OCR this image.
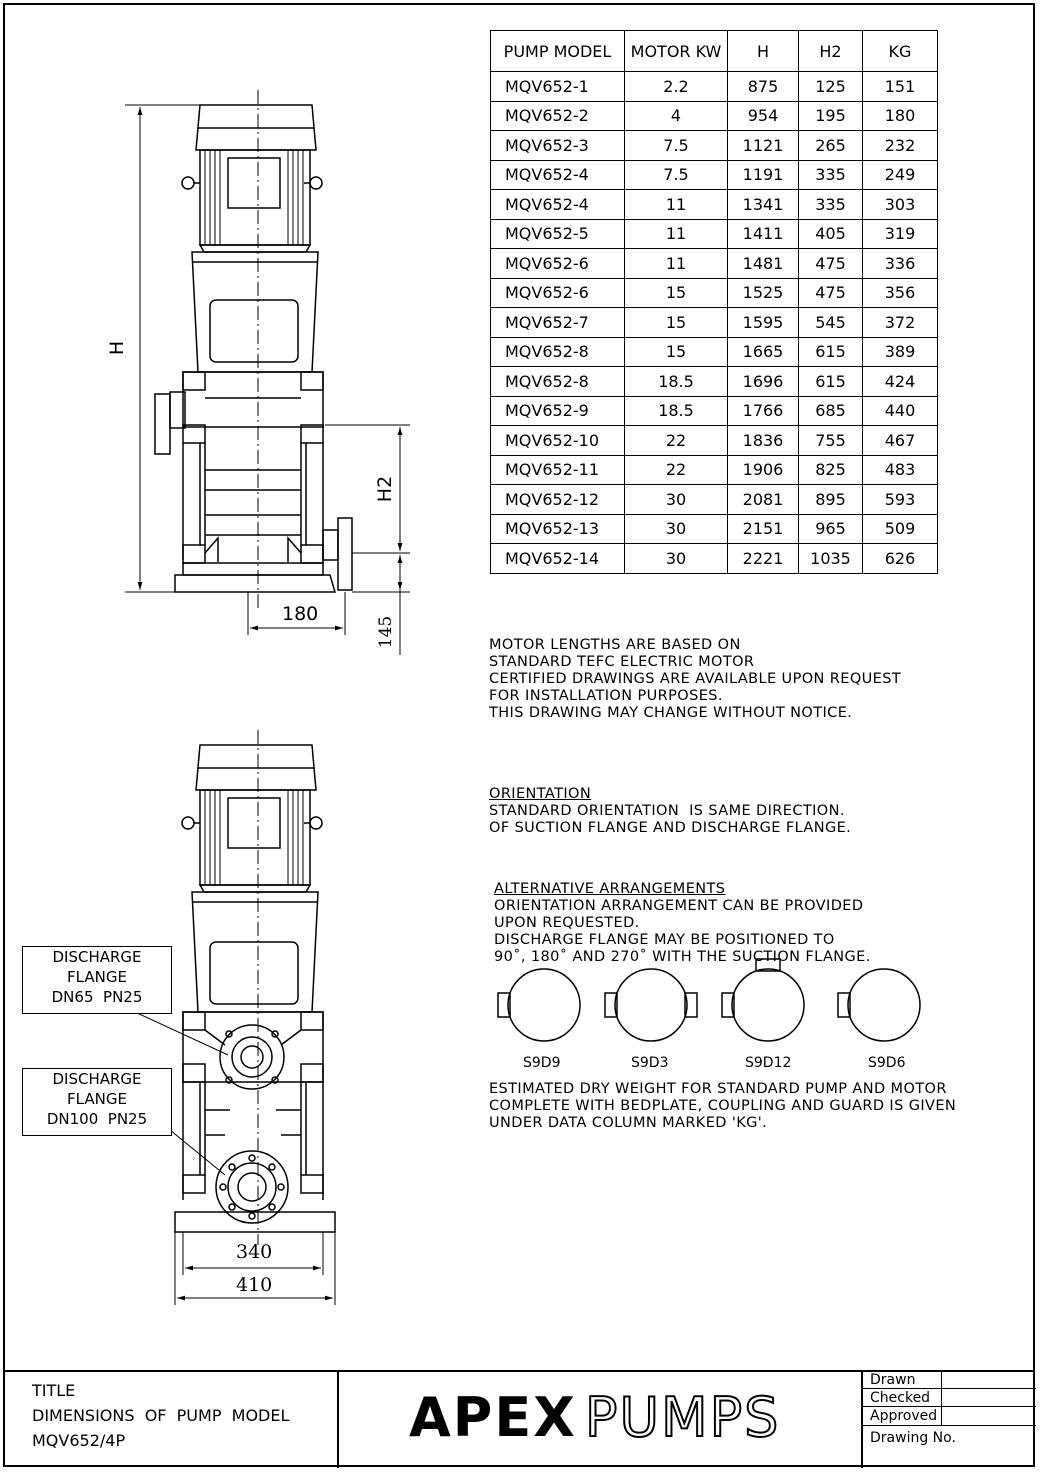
H
H2
180
145
340
410
DISCHARGE
FLANGE
DN65  PN25
DISCHARGE
FLANGE
DN100  PN25
PUMP MODEL	MOTOR KW	H	H2	KG
MQV652-1	2.2	875	125	151
MQV652-2	4	954	195	180
MQV652-3	7.5	1121	265	232
MQV652-4	7.5	1191	335	249
MQV652-4	11	1341	335	303
MQV652-5	11	1411	405	319
MQV652-6	11	1481	475	336
MQV652-6	15	1525	475	356
MQV652-7	15	1595	545	372
MQV652-8	15	1665	615	389
MQV652-8	18.5	1696	615	424
MQV652-9	18.5	1766	685	440
MQV652-10	22	1836	755	467
MQV652-11	22	1906	825	483
MQV652-12	30	2081	895	593
MQV652-13	30	2151	965	509
MQV652-14	30	2221	1035	626
MOTOR LENGTHS ARE BASED ON
STANDARD TEFC ELECTRIC MOTOR
CERTIFIED DRAWINGS ARE AVAILABLE UPON REQUEST
FOR INSTALLATION PURPOSES.
THIS DRAWING MAY CHANGE WITHOUT NOTICE.

ORIENTATION
STANDARD ORIENTATION  IS SAME DIRECTION.
OF SUCTION FLANGE AND DISCHARGE FLANGE.

ALTERNATIVE ARRANGEMENTS
ORIENTATION ARRANGEMENT CAN BE PROVIDED
UPON REQUESTED.
DISCHARGE FLANGE MAY BE POSITIONED TO
90˚, 180˚ AND 270˚ WITH THE SUCTION FLANGE.

ESTIMATED DRY WEIGHT FOR STANDARD PUMP AND MOTOR
COMPLETE WITH BEDPLATE, COUPLING AND GUARD IS GIVEN
UNDER DATA COLUMN MARKED 'KG'.
S9D9	S9D3	S9D12	S9D6
TITLE
DIMENSIONS  OF  PUMP  MODEL
MQV652/4P	APEX PUMPS
Drawn
Checked
Approved
Drawing No.
